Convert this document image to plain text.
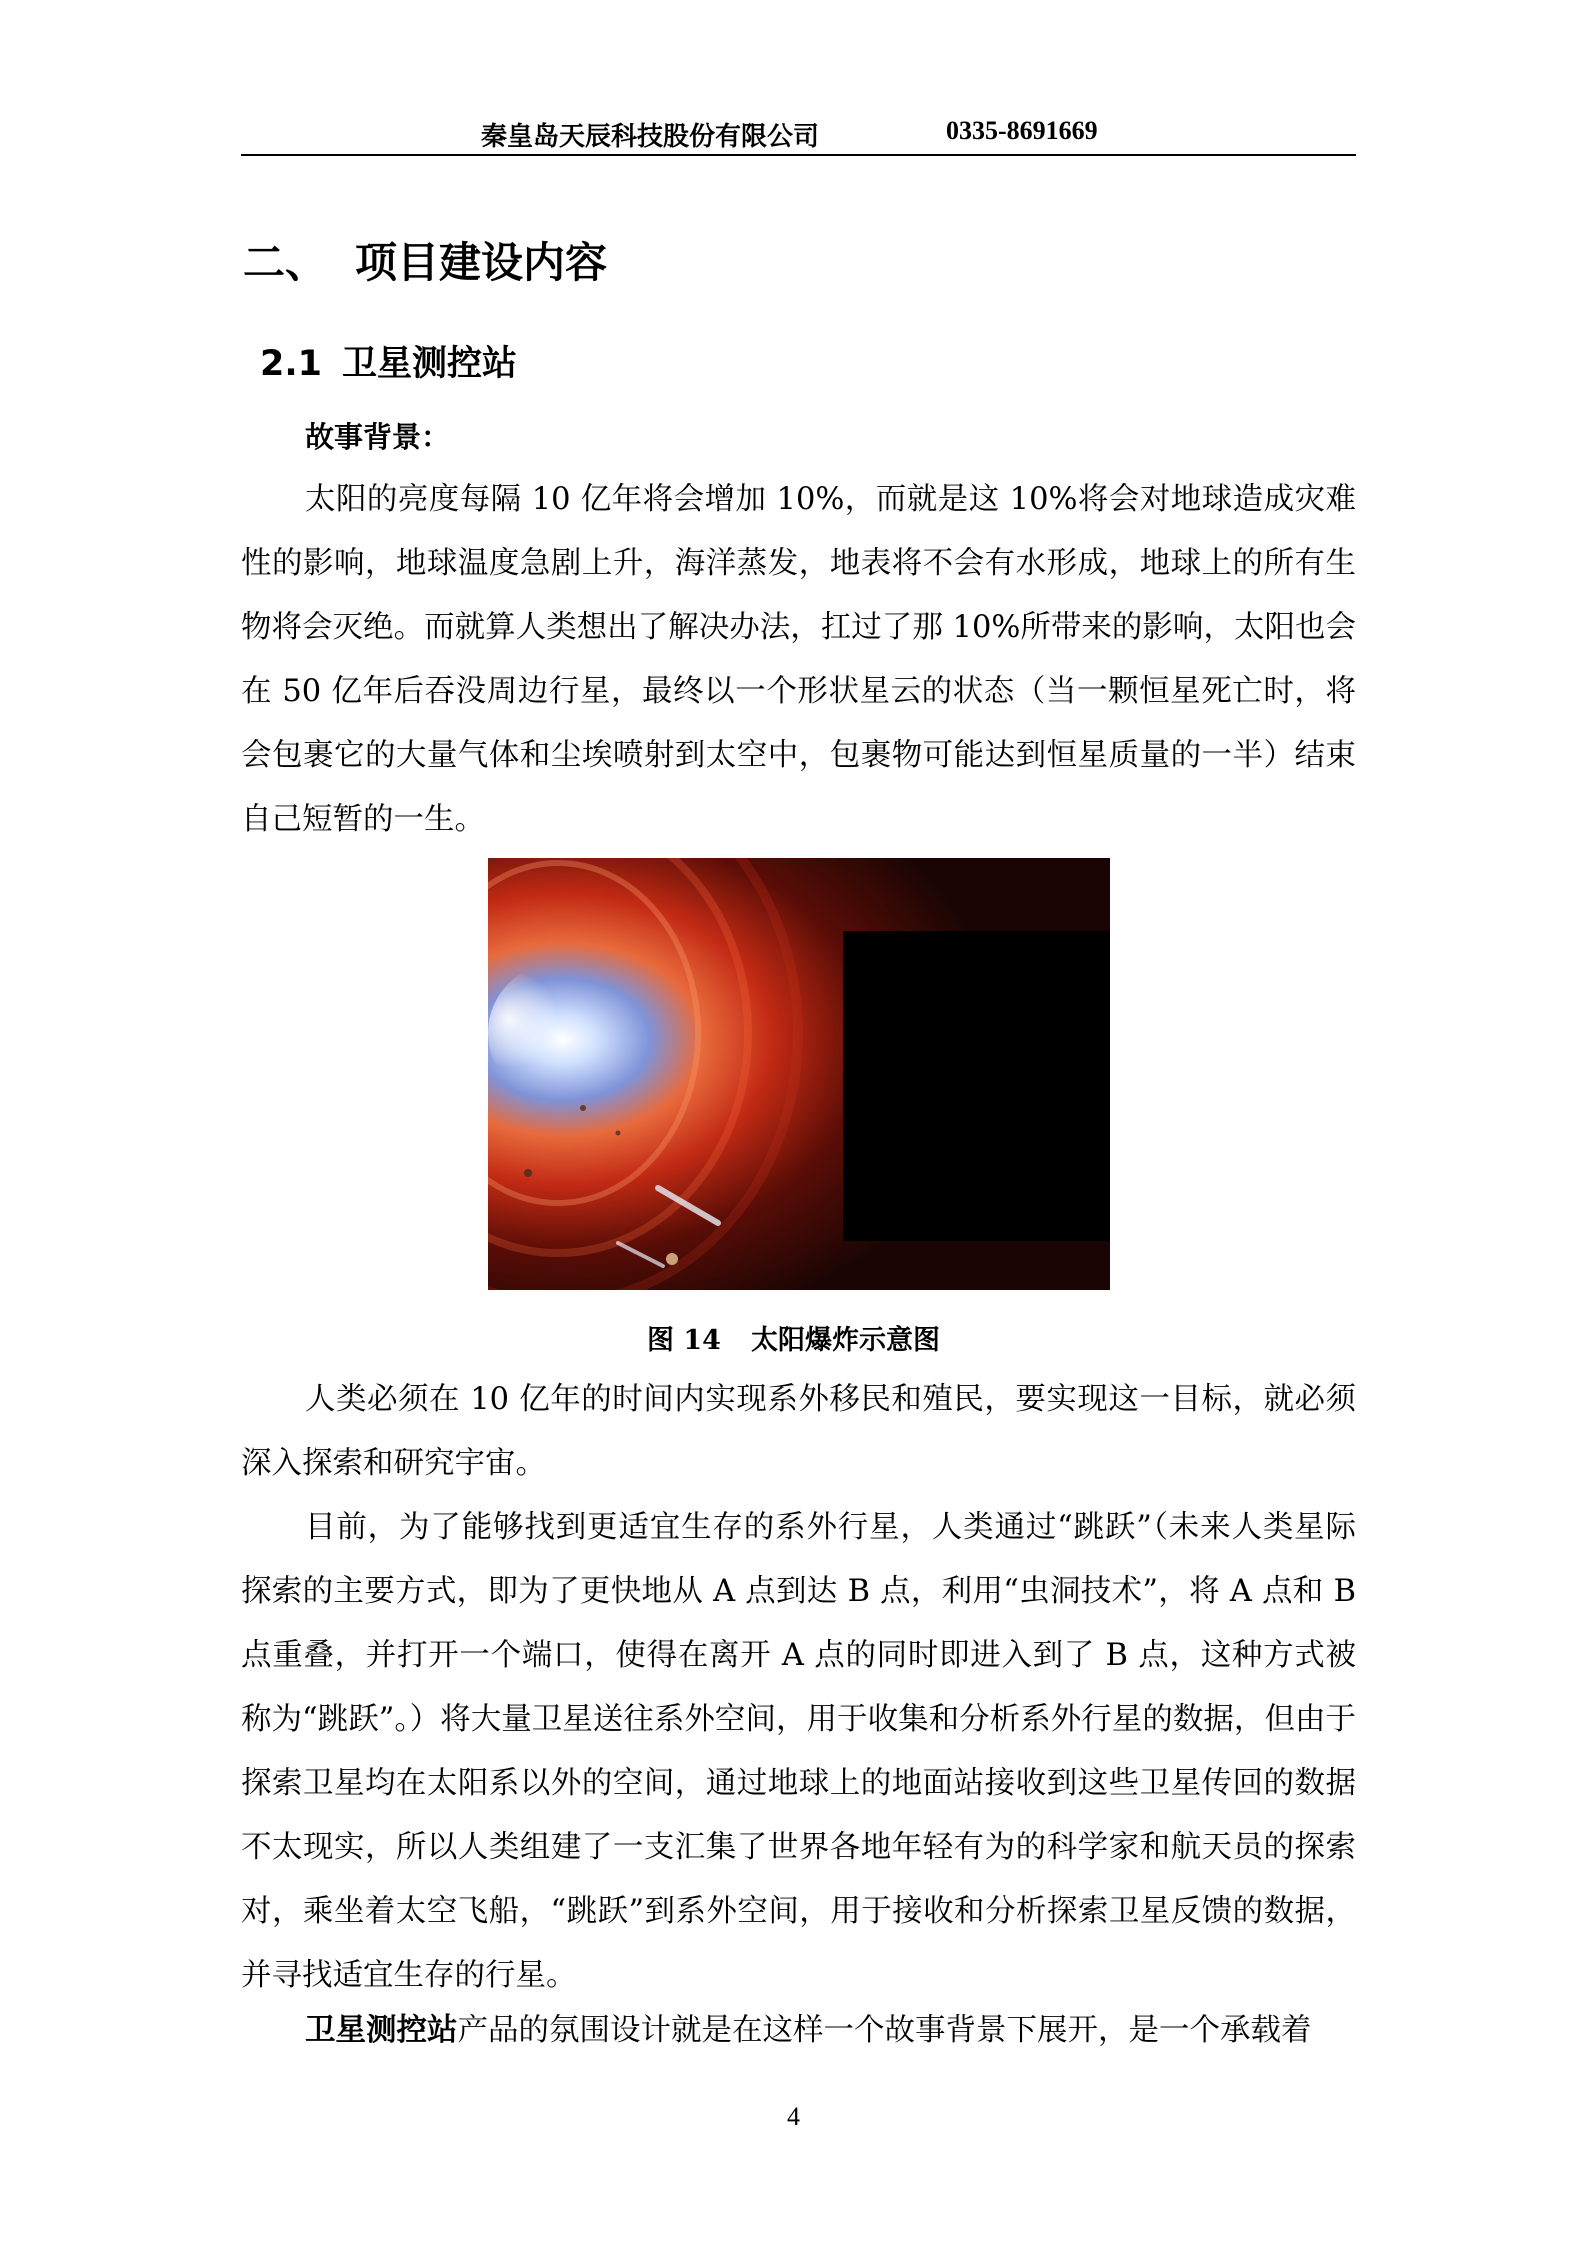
秦皇岛天辰科技股份有限公司	0335-8691669
二、 项目建设内容
2.1 卫星测控站
故事背景：

太阳的亮度每隔 10 亿年将会增加 10%，而就是这 10%将会对地球造成灾难性的影响，地球温度急剧上升，海洋蒸发，地表将不会有水形成，地球上的所有生物将会灭绝。而就算人类想出了解决办法，扛过了那 10%所带来的影响，太阳也会在 50 亿年后吞没周边行星，最终以一个形状星云的状态（当一颗恒星死亡时，将会包裹它的大量气体和尘埃喷射到太空中，包裹物可能达到恒星质量的一半）结束自己短暂的一生。

图 14 太阳爆炸示意图

人类必须在 10 亿年的时间内实现系外移民和殖民，要实现这一目标，就必须深入探索和研究宇宙。

目前，为了能够找到更适宜生存的系外行星，人类通过“跳跃”（未来人类星际探索的主要方式，即为了更快地从 A 点到达 B 点，利用“虫洞技术”，将 A 点和 B 点重叠，并打开一个端口，使得在离开 A 点的同时即进入到了 B 点，这种方式被称为“跳跃”。）将大量卫星送往系外空间，用于收集和分析系外行星的数据，但由于探索卫星均在太阳系以外的空间，通过地球上的地面站接收到这些卫星传回的数据不太现实，所以人类组建了一支汇集了世界各地年轻有为的科学家和航天员的探索对，乘坐着太空飞船，“跳跃”到系外空间，用于接收和分析探索卫星反馈的数据，并寻找适宜生存的行星。

卫星测控站产品的氛围设计就是在这样一个故事背景下展开，是一个承载着

4
